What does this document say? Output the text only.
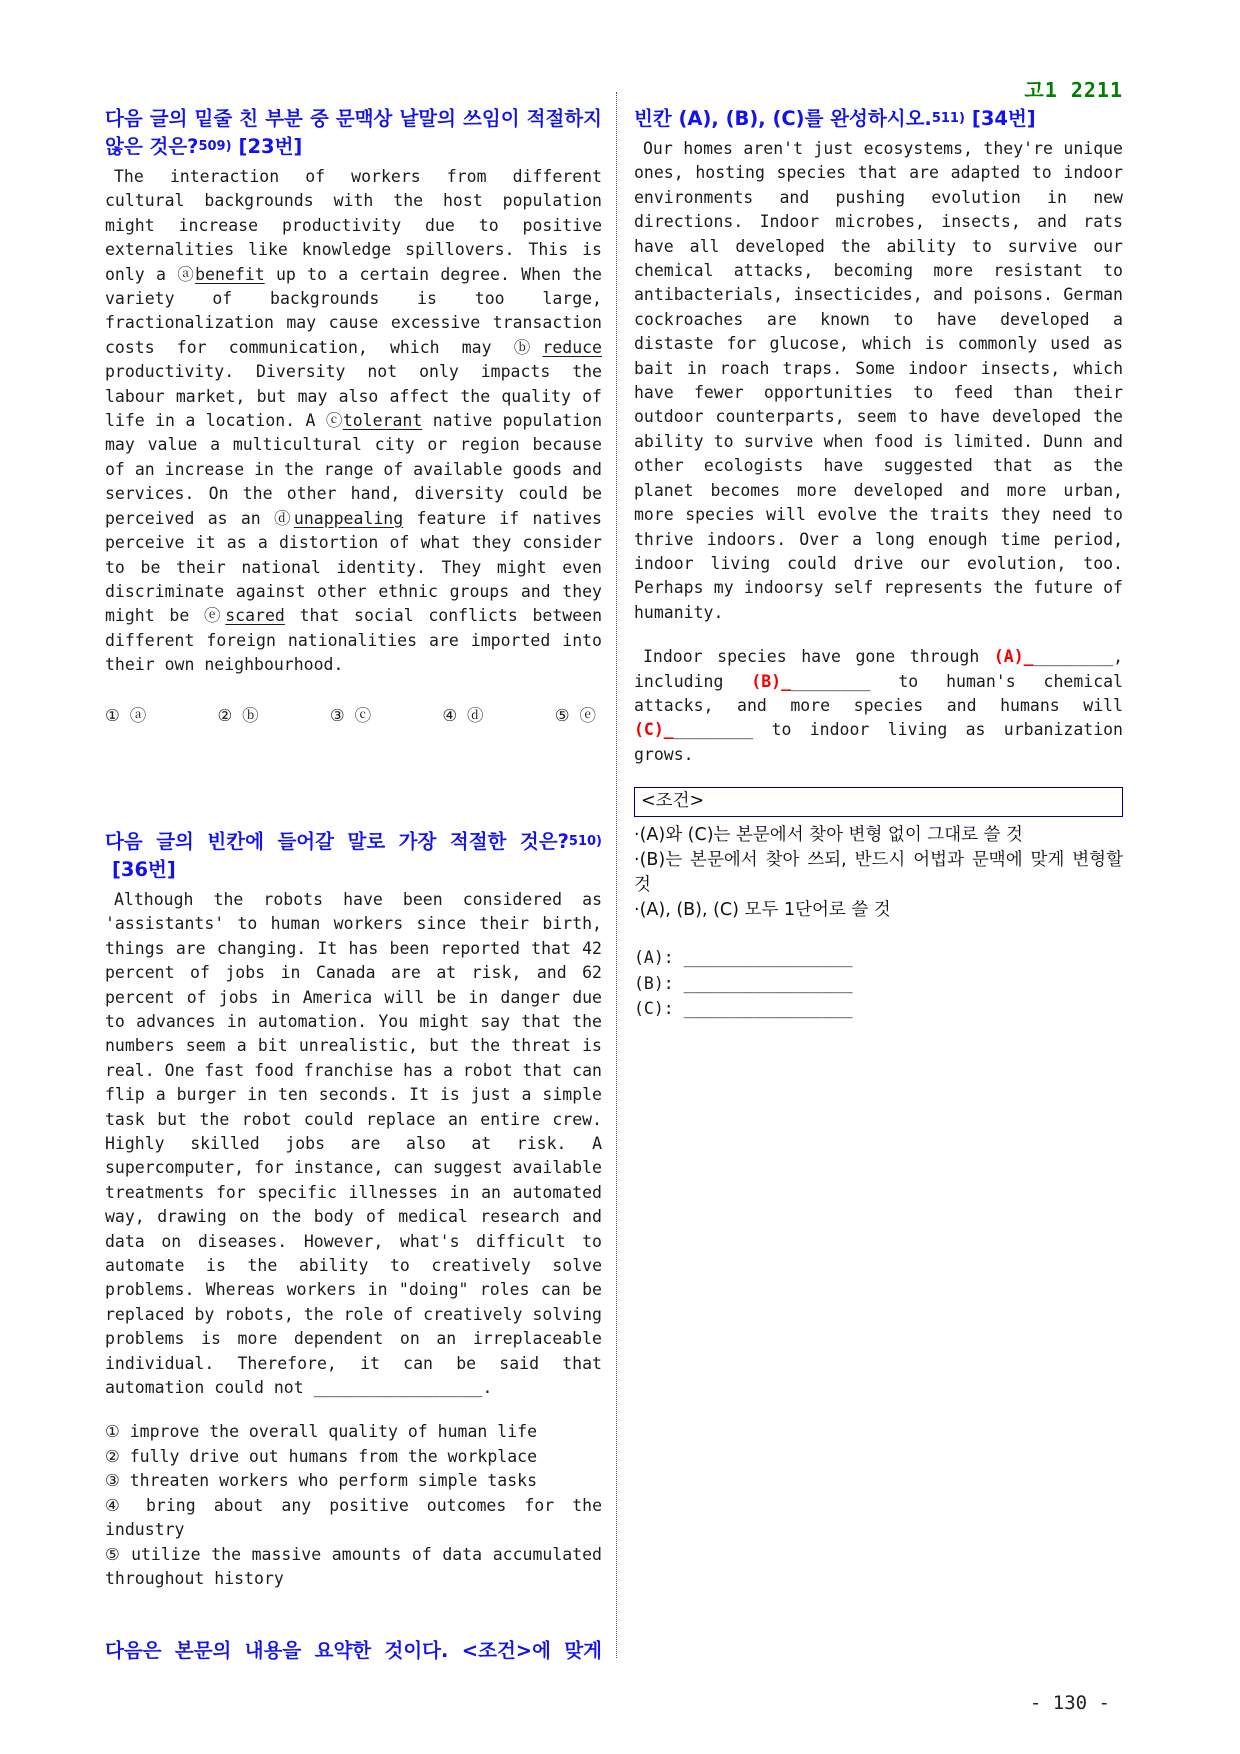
고1 2211
다음 글의 밑줄 친 부분 중 문맥상 낱말의 쓰임이 적절하지 않은 것은?$^{509)}$ [23번]
The interaction of workers from different cultural backgrounds with the host population might increase productivity due to positive externalities like knowledge spillovers. This is only a ⓐbenefit up to a certain degree. When the variety of backgrounds is too large, fractionalization may cause excessive transaction costs for communication, which may ⓑreduce productivity. Diversity not only impacts the labour market, but may also affect the quality of life in a location. A ⓒtolerant native population may value a multicultural city or region because of an increase in the range of available goods and services. On the other hand, diversity could be perceived as an ⓓunappealing feature if natives perceive it as a distortion of what they consider to be their national identity. They might even discriminate against other ethnic groups and they might be ⓔscared that social conflicts between different foreign nationalities are imported into their own neighbourhood.
① ⓐ	② ⓑ	③ ⓒ	④ ⓓ	⑤ ⓔ
다음 글의 빈칸에 들어갈 말로 가장 적절한 것은?$^{510)}$[36번]
Although the robots have been considered as 'assistants' to human workers since their birth, things are changing. It has been reported that 42 percent of jobs in Canada are at risk, and 62 percent of jobs in America will be in danger due to advances in automation. You might say that the numbers seem a bit unrealistic, but the threat is real. One fast food franchise has a robot that can flip a burger in ten seconds. It is just a simple task but the robot could replace an entire crew. Highly skilled jobs are also at risk. A supercomputer, for instance, can suggest available treatments for specific illnesses in an automated way, drawing on the body of medical research and data on diseases. However, what's difficult to automate is the ability to creatively solve problems. Whereas workers in "doing" roles can be replaced by robots, the role of creatively solving problems is more dependent on an irreplaceable individual. Therefore, it can be said that automation could not _________________.
① improve the overall quality of human life
② fully drive out humans from the workplace
③ threaten workers who perform simple tasks
④ bring about any positive outcomes for the industry
⑤ utilize the massive amounts of data accumulated throughout history
다음은 본문의 내용을 요약한 것이다. <조건>에 맞게
빈칸 (A), (B), (C)를 완성하시오.$^{511)}$ [34번]
Our homes aren't just ecosystems, they're unique ones, hosting species that are adapted to indoor environments and pushing evolution in new directions. Indoor microbes, insects, and rats have all developed the ability to survive our chemical attacks, becoming more resistant to antibacterials, insecticides, and poisons. German cockroaches are known to have developed a distaste for glucose, which is commonly used as bait in roach traps. Some indoor insects, which have fewer opportunities to feed than their outdoor counterparts, seem to have developed the ability to survive when food is limited. Dunn and other ecologists have suggested that as the planet becomes more developed and more urban, more species will evolve the traits they need to thrive indoors. Over a long enough time period, indoor living could drive our evolution, too. Perhaps my indoorsy self represents the future of humanity.
Indoor species have gone through (A)_________, including (B)_________ to human's chemical attacks, and more species and humans will (C)_________ to indoor living as urbanization grows.
<조건>
·(A)와 (C)는 본문에서 찾아 변형 없이 그대로 쓸 것
·(B)는 본문에서 찾아 쓰되, 반드시 어법과 문맥에 맞게 변형할 것
·(A), (B), (C) 모두 1단어로 쓸 것
(A): _________________
(B): _________________
(C): _________________
- 130 -
